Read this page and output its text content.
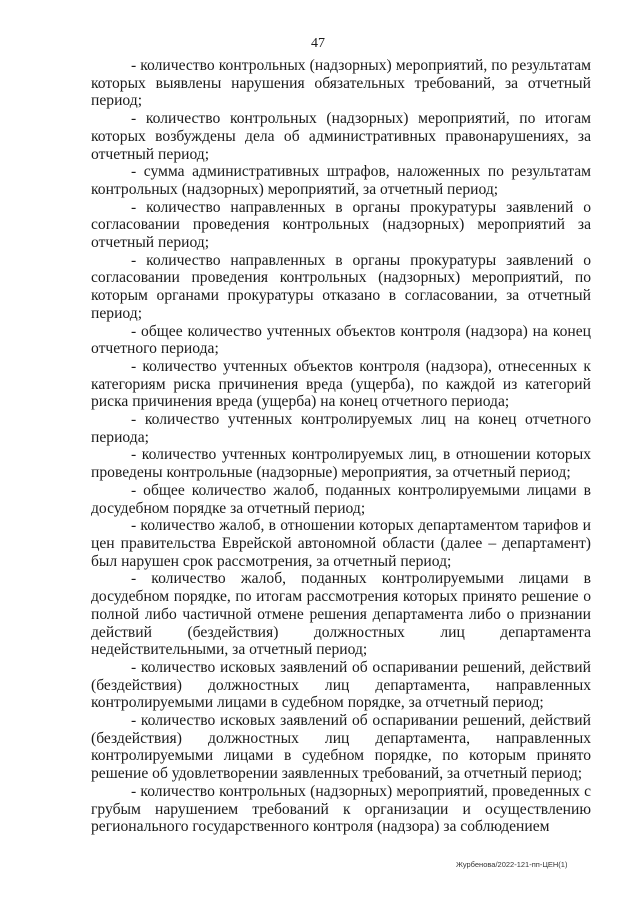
47

- количество контрольных (надзорных) мероприятий, по результатам которых выявлены нарушения обязательных требований, за отчетный период;

- количество контрольных (надзорных) мероприятий, по итогам которых возбуждены дела об административных правонарушениях, за отчетный период;

- сумма административных штрафов, наложенных по результатам контрольных (надзорных) мероприятий, за отчетный период;

- количество направленных в органы прокуратуры заявлений о согласовании проведения контрольных (надзорных) мероприятий за отчетный период;

- количество направленных в органы прокуратуры заявлений о согласовании проведения контрольных (надзорных) мероприятий, по которым органами прокуратуры отказано в согласовании, за отчетный период;

- общее количество учтенных объектов контроля (надзора) на конец отчетного периода;

- количество учтенных объектов контроля (надзора), отнесенных к категориям риска причинения вреда (ущерба), по каждой из категорий риска причинения вреда (ущерба) на конец отчетного периода;

- количество учтенных контролируемых лиц на конец отчетного периода;

- количество учтенных контролируемых лиц, в отношении которых проведены контрольные (надзорные) мероприятия, за отчетный период;

- общее количество жалоб, поданных контролируемыми лицами в досудебном порядке за отчетный период;

- количество жалоб, в отношении которых департаментом тарифов и цен правительства Еврейской автономной области (далее – департамент) был нарушен срок рассмотрения, за отчетный период;

- количество жалоб, поданных контролируемыми лицами в досудебном порядке, по итогам рассмотрения которых принято решение о полной либо частичной отмене решения департамента либо о признании действий (бездействия) должностных лиц департамента недействительными, за отчетный период;

- количество исковых заявлений об оспаривании решений, действий (бездействия) должностных лиц департамента, направленных контролируемыми лицами в судебном порядке, за отчетный период;

- количество исковых заявлений об оспаривании решений, действий (бездействия) должностных лиц департамента, направленных контролируемыми лицами в судебном порядке, по которым принято решение об удовлетворении заявленных требований, за отчетный период;

- количество контрольных (надзорных) мероприятий, проведенных с грубым нарушением требований к организации и осуществлению регионального государственного контроля (надзора) за соблюдением

Журбенова/2022-121-пп-ЦЕН(1)
